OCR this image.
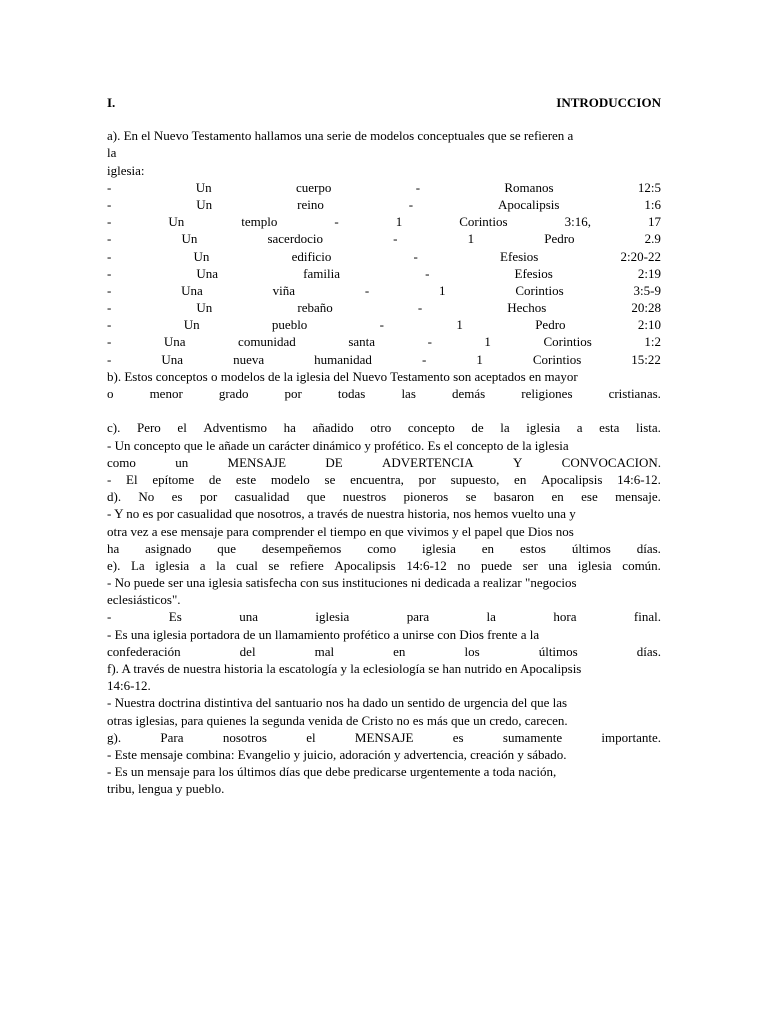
I.	INTRODUCCION
a). En el Nuevo Testamento hallamos una serie de modelos conceptuales que se refieren a
la
iglesia:
-	Un	cuerpo	-	Romanos	12:5
-	Un	reino	-	Apocalipsis	1:6
-	Un	templo	-	1	Corintios	3:16,	17
-	Un	sacerdocio	-	1	Pedro	2.9
-	Un	edificio	-	Efesios	2:20-22
-	Una	familia	-	Efesios	2:19
-	Una	viña	-	1	Corintios	3:5-9
-	Un	rebaño	-	Hechos	20:28
-	Un	pueblo	-	1	Pedro	2:10
-	Una	comunidad	santa	-	1	Corintios	1:2
-	Una	nueva	humanidad	-	1	Corintios	15:22
b). Estos conceptos o modelos de la iglesia del Nuevo Testamento son aceptados en mayor
o	menor	grado	por	todas	las	demás	religiones	cristianas.
c). Pero el Adventismo ha añadido otro concepto de la iglesia a esta lista.
- Un concepto que le añade un carácter dinámico y profético. Es el concepto de la iglesia
como	un	MENSAJE	DE	ADVERTENCIA	Y	CONVOCACION.
- El epítome de este modelo se encuentra, por supuesto, en Apocalipsis 14:6-12.
d). No es por casualidad que nuestros pioneros se basaron en ese mensaje.
- Y no es por casualidad que nosotros, a través de nuestra historia, nos hemos vuelto una y
otra vez a ese mensaje para comprender el tiempo en que vivimos y el papel que Dios nos
ha asignado que desempeñemos como iglesia en estos últimos días.
e). La iglesia a la cual se refiere Apocalipsis 14:6-12 no puede ser una iglesia común.
- No puede ser una iglesia satisfecha con sus instituciones ni dedicada a realizar "negocios
eclesiásticos".
-	Es	una	iglesia	para	la	hora	final.
- Es una iglesia portadora de un llamamiento profético a unirse con Dios frente a la
confederación	del	mal	en	los	últimos	días.
f). A través de nuestra historia la escatología y la eclesiología se han nutrido en Apocalipsis
14:6-12.
- Nuestra doctrina distintiva del santuario nos ha dado un sentido de urgencia del que las
otras iglesias, para quienes la segunda venida de Cristo no es más que un credo, carecen.
g).	Para	nosotros	el	MENSAJE	es	sumamente	importante.
- Este mensaje combina: Evangelio y juicio, adoración y advertencia, creación y sábado.
- Es un mensaje para los últimos días que debe predicarse urgentemente a toda nación,
tribu, lengua y pueblo.
